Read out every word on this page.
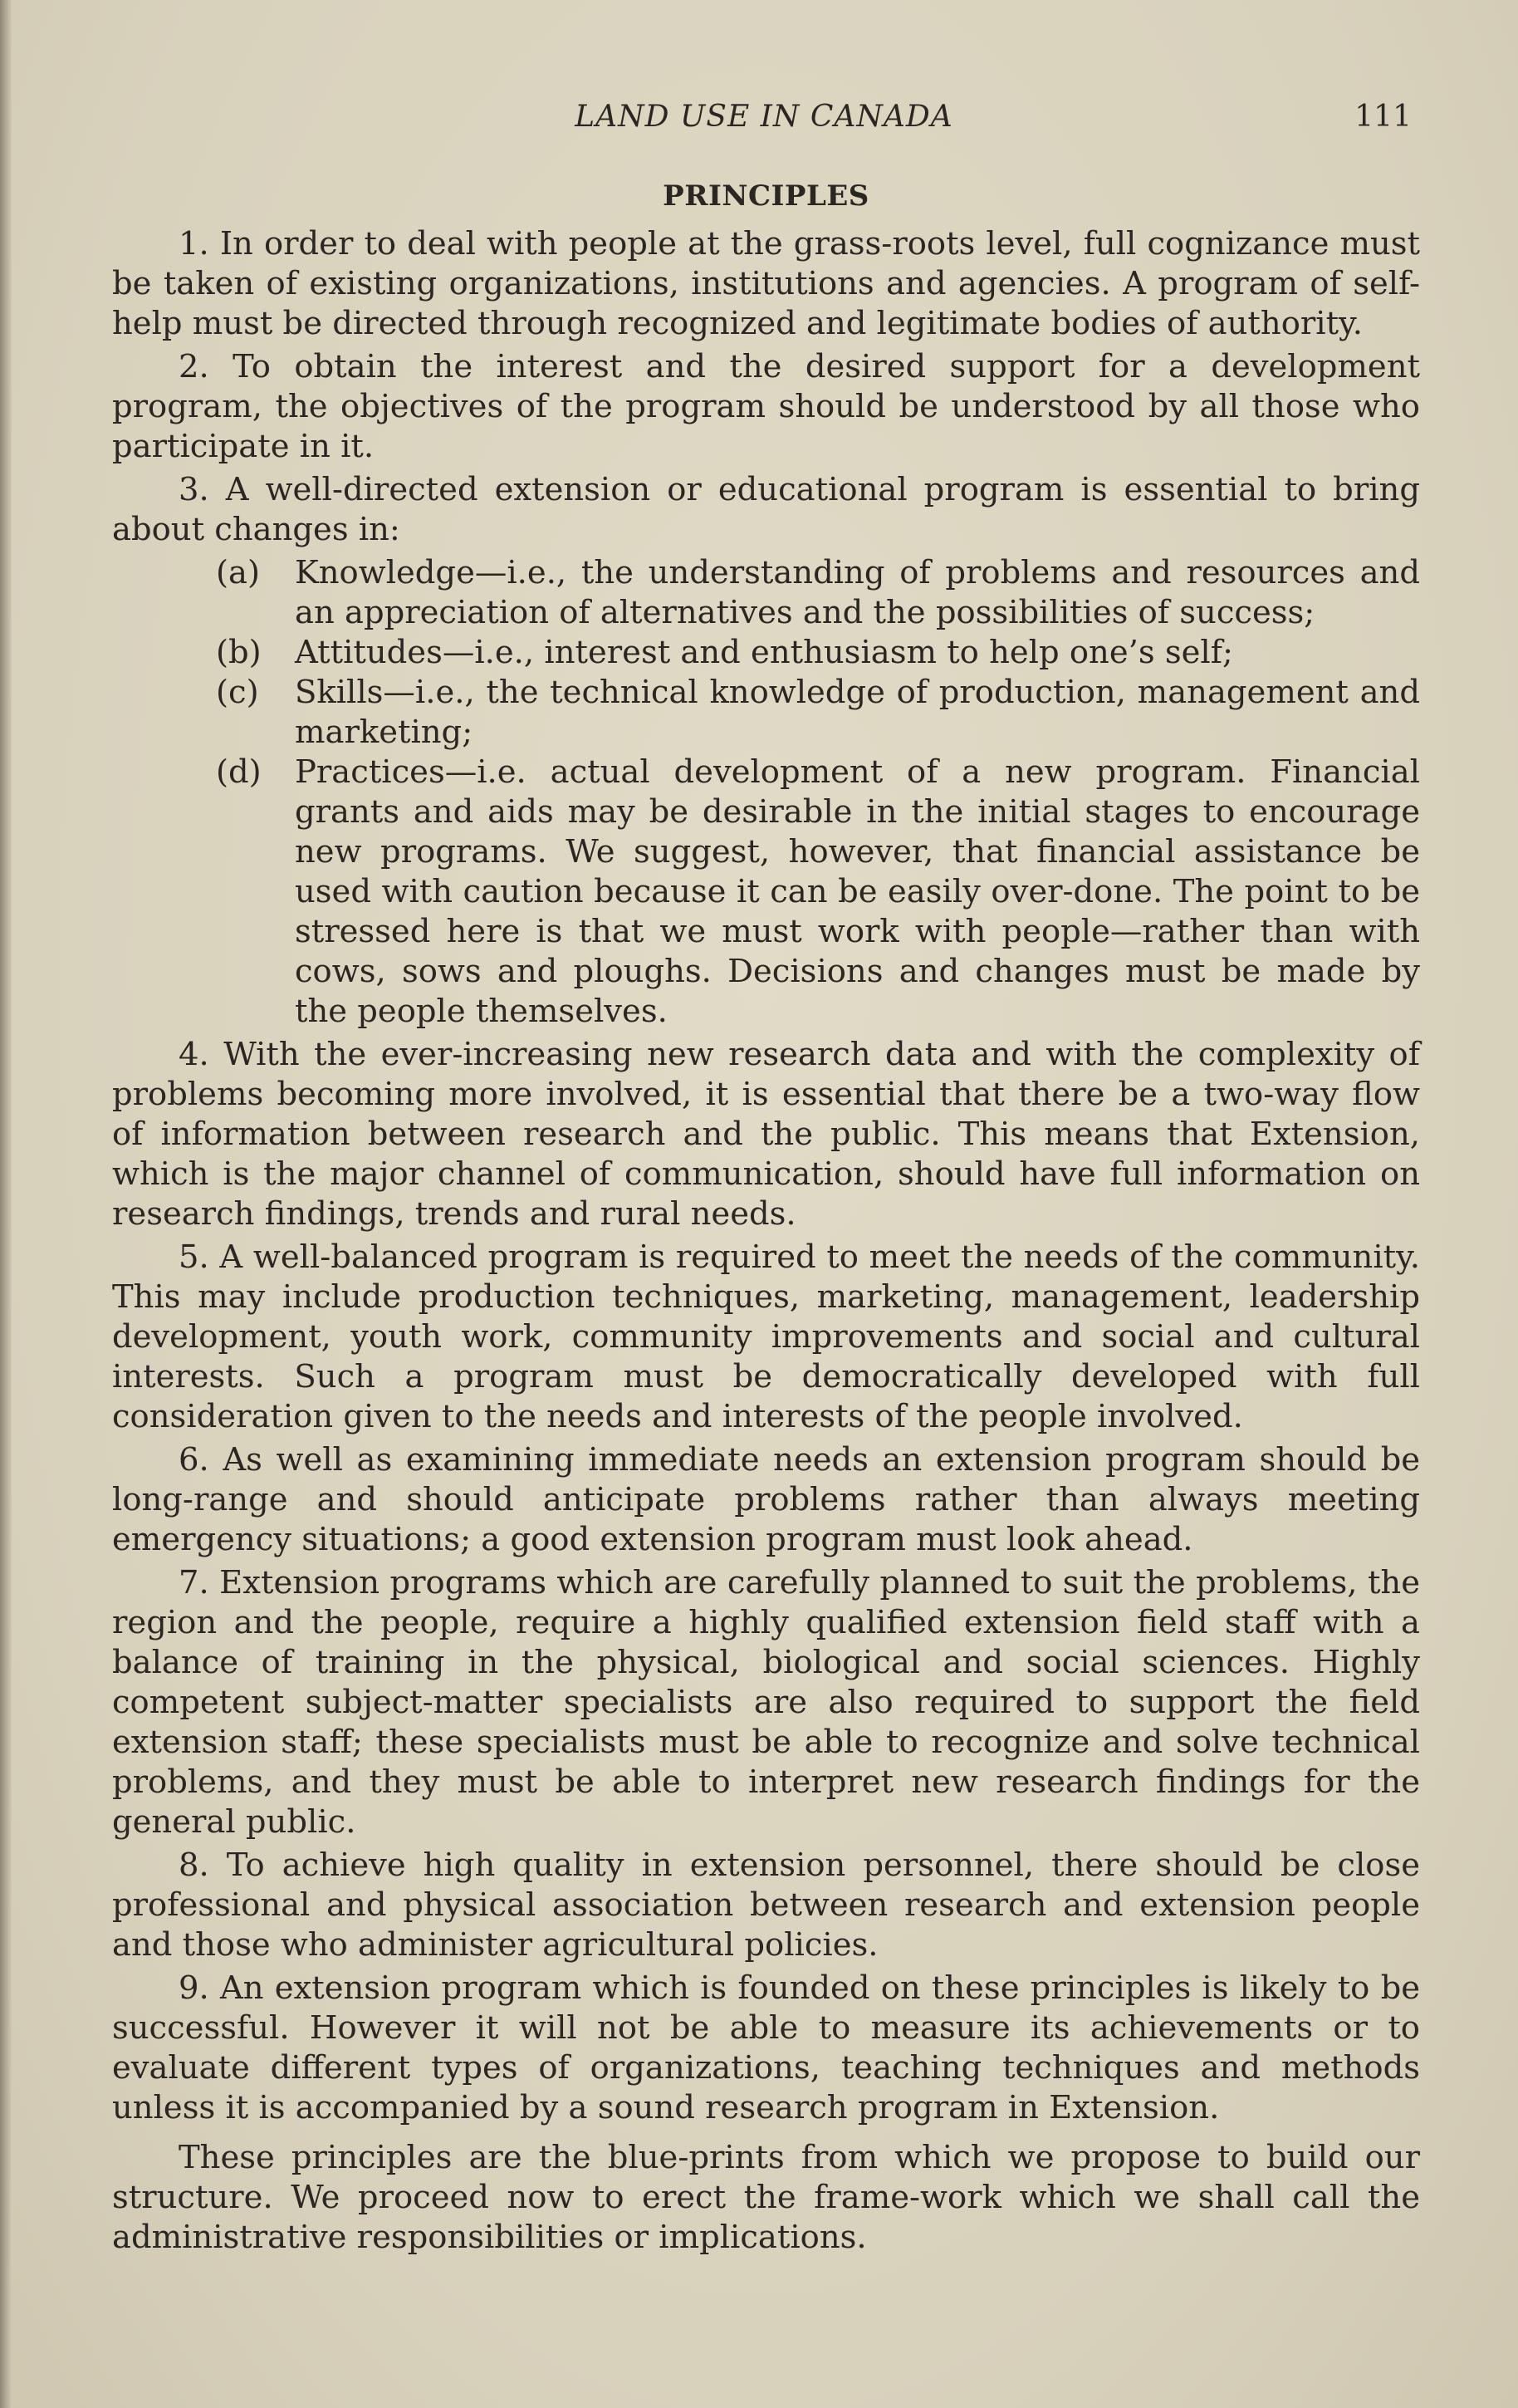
LAND USE IN CANADA	111
PRINCIPLES

1. In order to deal with people at the grass-roots level, full cognizance must be taken of existing organizations, institutions and agencies. A program of self-help must be directed through recognized and legitimate bodies of authority.

2. To obtain the interest and the desired support for a development program, the objectives of the program should be understood by all those who participate in it.

3. A well-directed extension or educational program is essential to bring about changes in:

(a) Knowledge—i.e., the understanding of problems and resources and an appreciation of alternatives and the possibilities of success;
(b) Attitudes—i.e., interest and enthusiasm to help one’s self;
(c) Skills—i.e., the technical knowledge of production, management and marketing;
(d) Practices—i.e. actual development of a new program. Financial grants and aids may be desirable in the initial stages to encourage new programs. We suggest, however, that financial assistance be used with caution because it can be easily over-done. The point to be stressed here is that we must work with people—rather than with cows, sows and ploughs. Decisions and changes must be made by the people themselves.

4. With the ever-increasing new research data and with the complexity of problems becoming more involved, it is essential that there be a two-way flow of information between research and the public. This means that Extension, which is the major channel of communication, should have full information on research findings, trends and rural needs.

5. A well-balanced program is required to meet the needs of the community. This may include production techniques, marketing, management, leadership development, youth work, community improvements and social and cultural interests. Such a program must be democratically developed with full consideration given to the needs and interests of the people involved.

6. As well as examining immediate needs an extension program should be long-range and should anticipate problems rather than always meeting emergency situations; a good extension program must look ahead.

7. Extension programs which are carefully planned to suit the problems, the region and the people, require a highly qualified extension field staff with a balance of training in the physical, biological and social sciences. Highly competent subject-matter specialists are also required to support the field extension staff; these specialists must be able to recognize and solve technical problems, and they must be able to interpret new research findings for the general public.

8. To achieve high quality in extension personnel, there should be close professional and physical association between research and extension people and those who administer agricultural policies.

9. An extension program which is founded on these principles is likely to be successful. However it will not be able to measure its achievements or to evaluate different types of organizations, teaching techniques and methods unless it is accompanied by a sound research program in Extension.

These principles are the blue-prints from which we propose to build our structure. We proceed now to erect the frame-work which we shall call the administrative responsibilities or implications.
